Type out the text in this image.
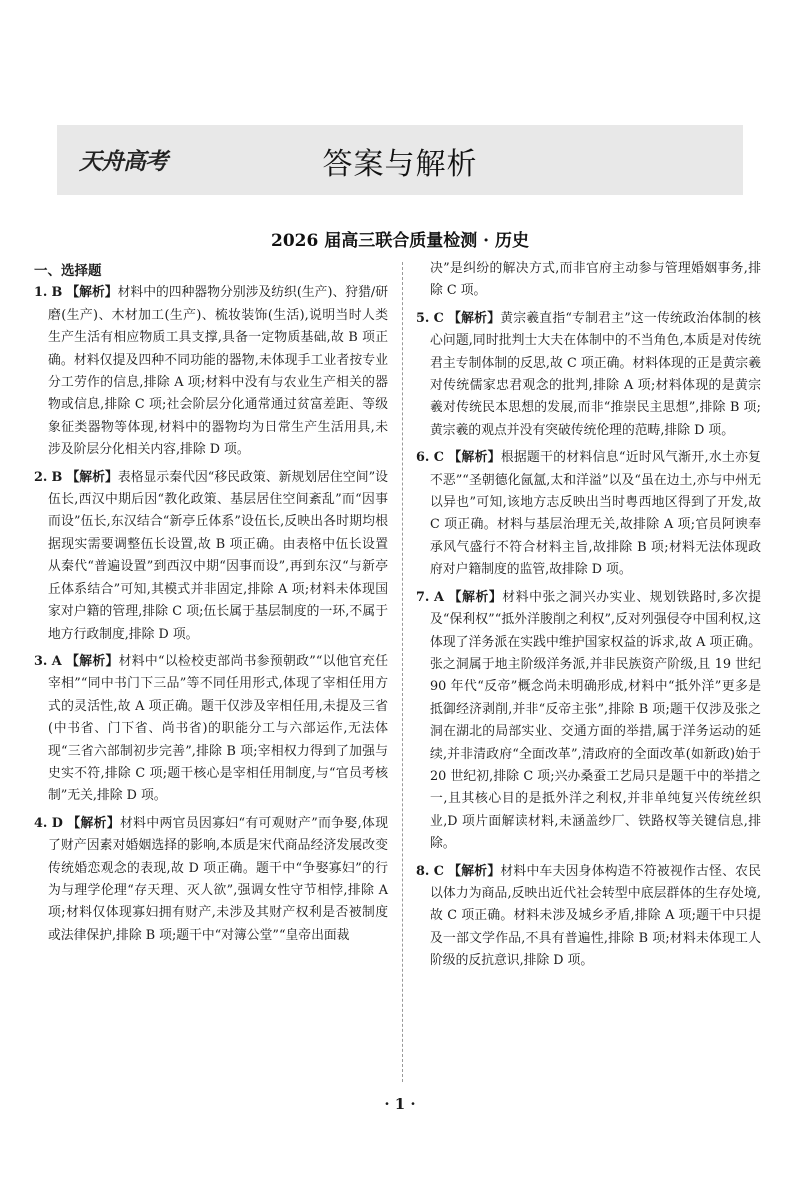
天舟高考	答案与解析
2026 届高三联合质量检测 · 历史
一、选择题

1. B 【解析】材料中的四种器物分别涉及纺织(生产)、狩猎/研磨(生产)、木材加工(生产)、梳妆装饰(生活),说明当时人类生产生活有相应物质工具支撑,具备一定物质基础,故 B 项正确。材料仅提及四种不同功能的器物,未体现手工业者按专业分工劳作的信息,排除 A 项;材料中没有与农业生产相关的器物或信息,排除 C 项;社会阶层分化通常通过贫富差距、等级象征类器物等体现,材料中的器物均为日常生产生活用具,未涉及阶层分化相关内容,排除 D 项。

2. B 【解析】表格显示秦代因“移民政策、新规划居住空间”设伍长,西汉中期后因“教化政策、基层居住空间紊乱”而“因事而设”伍长,东汉结合“新亭丘体系”设伍长,反映出各时期均根据现实需要调整伍长设置,故 B 项正确。由表格中伍长设置从秦代“普遍设置”到西汉中期“因事而设”,再到东汉“与新亭丘体系结合”可知,其模式并非固定,排除 A 项;材料未体现国家对户籍的管理,排除 C 项;伍长属于基层制度的一环,不属于地方行政制度,排除 D 项。

3. A 【解析】材料中“以检校吏部尚书参预朝政”“以他官充任宰相”“同中书门下三品”等不同任用形式,体现了宰相任用方式的灵活性,故 A 项正确。题干仅涉及宰相任用,未提及三省(中书省、门下省、尚书省)的职能分工与六部运作,无法体现“三省六部制初步完善”,排除 B 项;宰相权力得到了加强与史实不符,排除 C 项;题干核心是宰相任用制度,与“官员考核制”无关,排除 D 项。

4. D 【解析】材料中两官员因寡妇“有可观财产”而争娶,体现了财产因素对婚姻选择的影响,本质是宋代商品经济发展改变传统婚恋观念的表现,故 D 项正确。题干中“争娶寡妇”的行为与理学伦理“存天理、灭人欲”,强调女性守节相悖,排除 A 项;材料仅体现寡妇拥有财产,未涉及其财产权利是否被制度或法律保护,排除 B 项;题干中“对簿公堂”“皇帝出面裁

决”是纠纷的解决方式,而非官府主动参与管理婚姻事务,排除 C 项。

5. C 【解析】黄宗羲直指“专制君主”这一传统政治体制的核心问题,同时批判士大夫在体制中的不当角色,本质是对传统君主专制体制的反思,故 C 项正确。材料体现的正是黄宗羲对传统儒家忠君观念的批判,排除 A 项;材料体现的是黄宗羲对传统民本思想的发展,而非“推崇民主思想”,排除 B 项;黄宗羲的观点并没有突破传统伦理的范畴,排除 D 项。

6. C 【解析】根据题干的材料信息“近时风气渐开,水土亦复不恶”“圣朝德化氤氲,太和洋溢”以及“虽在边土,亦与中州无以异也”可知,该地方志反映出当时粤西地区得到了开发,故 C 项正确。材料与基层治理无关,故排除 A 项;官员阿谀奉承风气盛行不符合材料主旨,故排除 B 项;材料无法体现政府对户籍制度的监管,故排除 D 项。

7. A 【解析】材料中张之洞兴办实业、规划铁路时,多次提及“保利权”“抵外洋朘削之利权”,反对列强侵夺中国利权,这体现了洋务派在实践中维护国家权益的诉求,故 A 项正确。张之洞属于地主阶级洋务派,并非民族资产阶级,且 19 世纪 90 年代“反帝”概念尚未明确形成,材料中“抵外洋”更多是抵御经济剥削,并非“反帝主张”,排除 B 项;题干仅涉及张之洞在湖北的局部实业、交通方面的举措,属于洋务运动的延续,并非清政府“全面改革”,清政府的全面改革(如新政)始于 20 世纪初,排除 C 项;兴办桑蚕工艺局只是题干中的举措之一,且其核心目的是抵外洋之利权,并非单纯复兴传统丝织业,D 项片面解读材料,未涵盖纱厂、铁路权等关键信息,排除。

8. C 【解析】材料中车夫因身体构造不符被视作古怪、农民以体力为商品,反映出近代社会转型中底层群体的生存处境,故 C 项正确。材料未涉及城乡矛盾,排除 A 项;题干中只提及一部文学作品,不具有普遍性,排除 B 项;材料未体现工人阶级的反抗意识,排除 D 项。

· 1 ·
